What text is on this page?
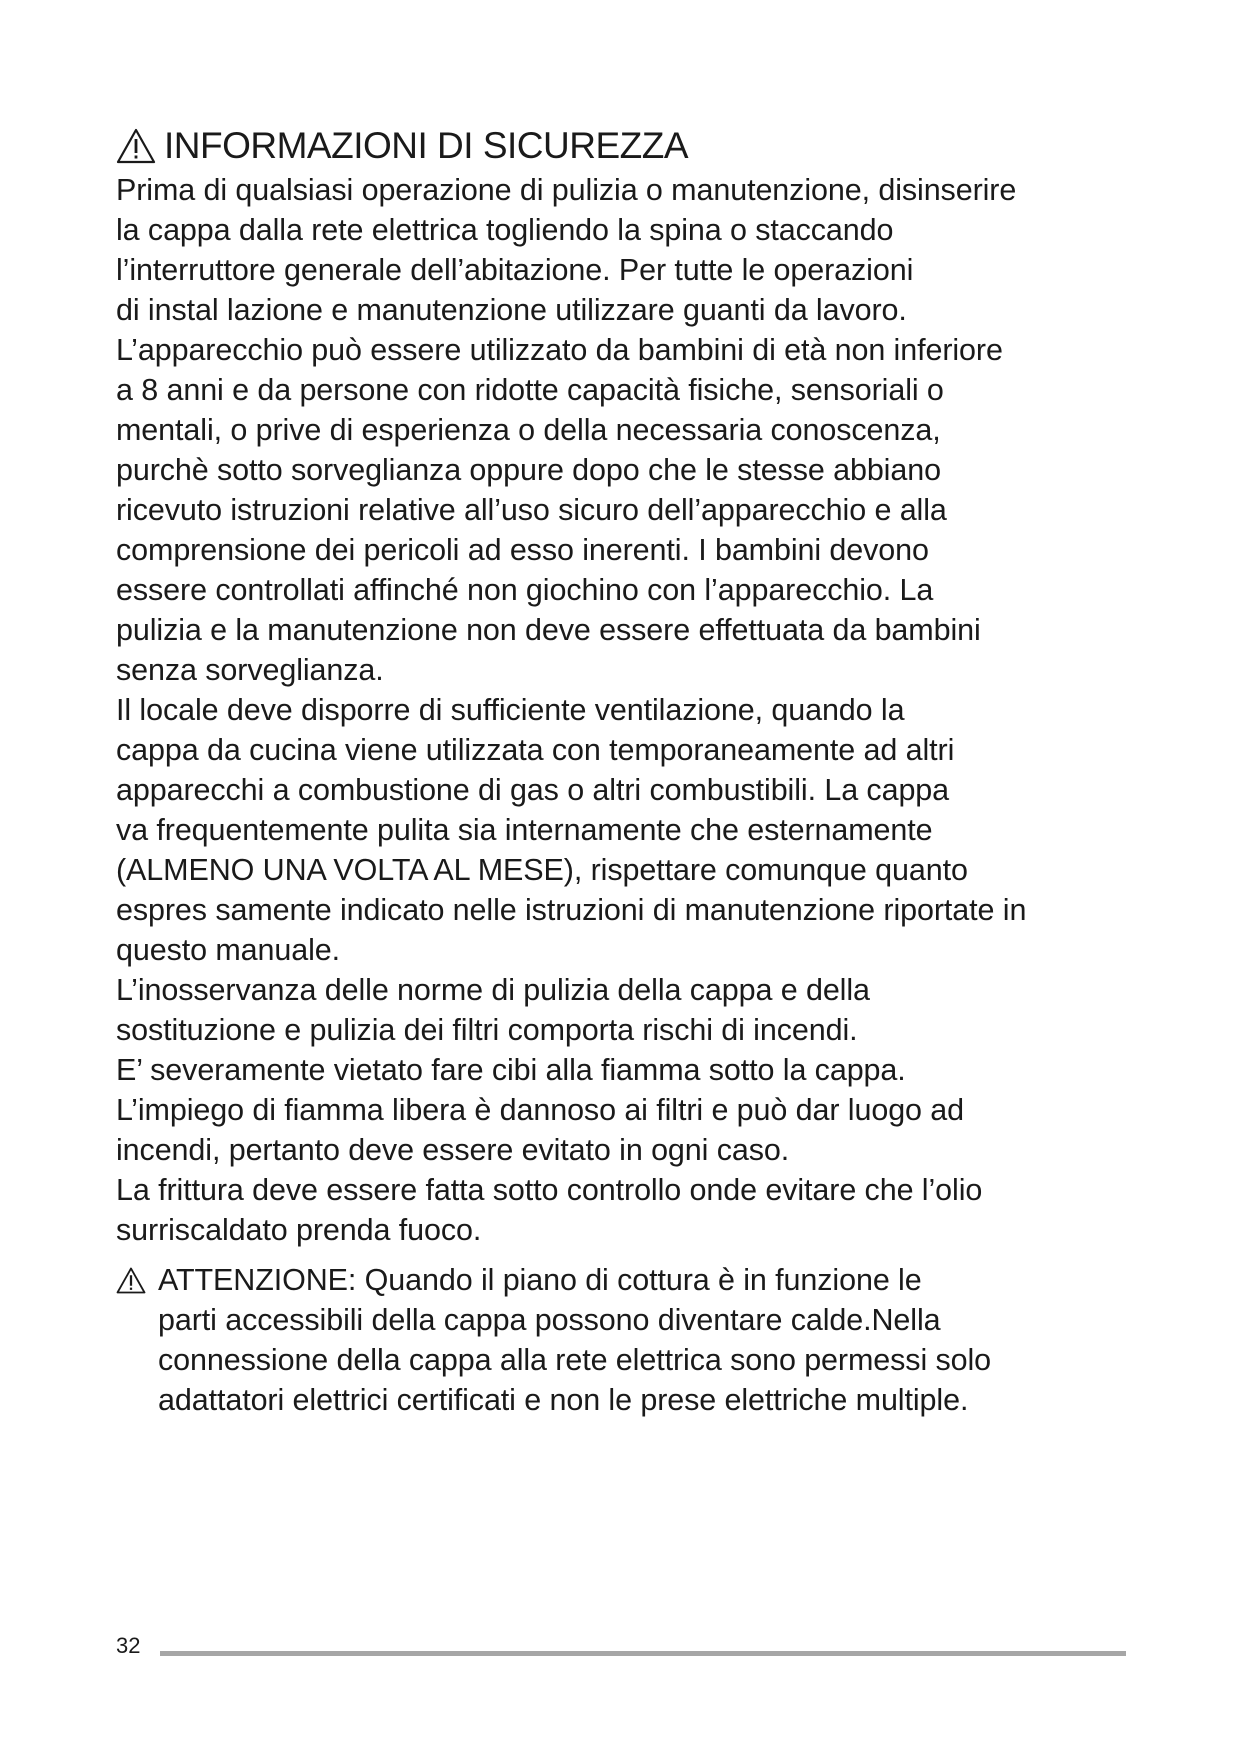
INFORMAZIONI DI SICUREZZA
Prima di qualsiasi operazione di pulizia o manutenzione, disinserire
la cappa dalla rete elettrica togliendo la spina o staccando
l’interruttore generale dell’abitazione. Per tutte le operazioni
di instal lazione e manutenzione utilizzare guanti da lavoro.
L’apparecchio può essere utilizzato da bambini di età non inferiore
a 8 anni e da persone con ridotte capacità fisiche, sensoriali o
mentali, o prive di esperienza o della necessaria conoscenza,
purchè sotto sorveglianza oppure dopo che le stesse abbiano
ricevuto istruzioni relative all’uso sicuro dell’apparecchio e alla
comprensione dei pericoli ad esso inerenti. I bambini devono
essere controllati affinché non giochino con l’apparecchio. La
pulizia e la manutenzione non deve essere effettuata da bambini
senza sorveglianza.
Il locale deve disporre di sufficiente ventilazione, quando la
cappa da cucina viene utilizzata con temporaneamente ad altri
apparecchi a combustione di gas o altri combustibili. La cappa
va frequentemente pulita sia internamente che esternamente
(ALMENO UNA VOLTA AL MESE), rispettare comunque quanto
espres samente indicato nelle istruzioni di manutenzione riportate in
questo manuale.
L’inosservanza delle norme di pulizia della cappa e della
sostituzione e pulizia dei filtri comporta rischi di incendi.
E’ severamente vietato fare cibi alla fiamma sotto la cappa.
L’impiego di fiamma libera è dannoso ai filtri e può dar luogo ad
incendi, pertanto deve essere evitato in ogni caso.
La frittura deve essere fatta sotto controllo onde evitare che l’olio
surriscaldato prenda fuoco.
ATTENZIONE: Quando il piano di cottura è in funzione le
parti accessibili della cappa possono diventare calde.Nella
connessione della cappa alla rete elettrica sono permessi solo
adattatori elettrici certificati e non le prese elettriche multiple.
32
